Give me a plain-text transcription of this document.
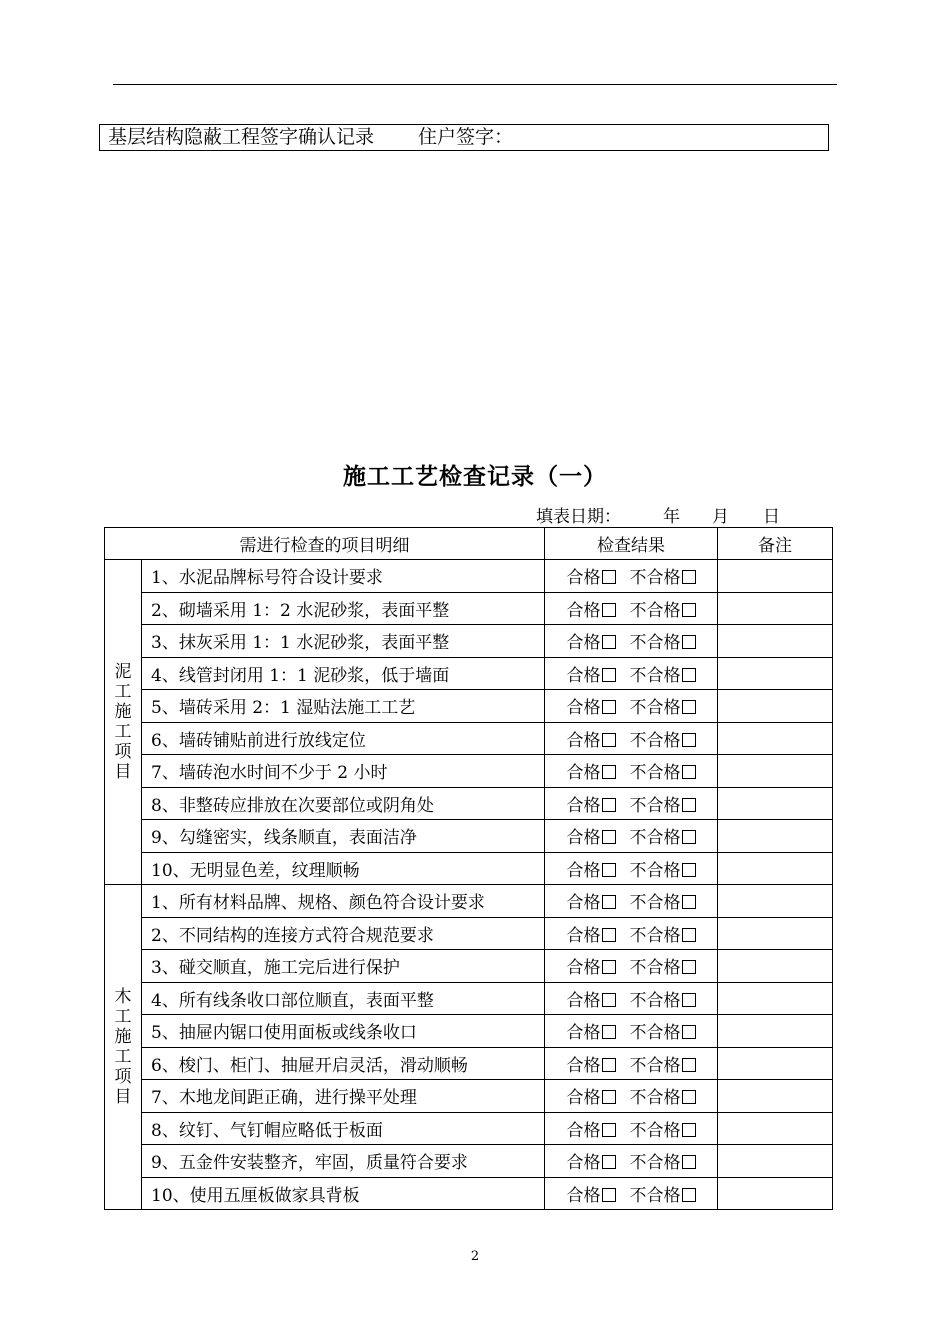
基层结构隐蔽工程签字确认记录 住户签字：
施工工艺检查记录（一）
填表日期： 年 月 日
需进行检查的项目明细		检查结果	备注

泥工施工项目	1、水泥品牌标号符合设计要求	合格 不合格	
	2、砌墙采用 1：2 水泥砂浆，表面平整	合格 不合格	
	3、抹灰采用 1：1 水泥砂浆，表面平整	合格 不合格	
	4、线管封闭用 1：1 泥砂浆，低于墙面	合格 不合格	
	5、墙砖采用 2：1 湿贴法施工工艺	合格 不合格	
	6、墙砖铺贴前进行放线定位	合格 不合格	
	7、墙砖泡水时间不少于 2 小时	合格 不合格	
	8、非整砖应排放在次要部位或阴角处	合格 不合格	
	9、勾缝密实，线条顺直，表面洁净	合格 不合格	
	10、无明显色差，纹理顺畅	合格 不合格	

木工施工项目	1、所有材料品牌、规格、颜色符合设计要求	合格 不合格	
	2、不同结构的连接方式符合规范要求	合格 不合格	
	3、碰交顺直，施工完后进行保护	合格 不合格	
	4、所有线条收口部位顺直，表面平整	合格 不合格	
	5、抽屉内锯口使用面板或线条收口	合格 不合格	
	6、梭门、柜门、抽屉开启灵活，滑动顺畅	合格 不合格	
	7、木地龙间距正确，进行操平处理	合格 不合格	
	8、纹钉、气钉帽应略低于板面	合格 不合格	
	9、五金件安装整齐，牢固，质量符合要求	合格 不合格	
	10、使用五厘板做家具背板	合格 不合格	
2
